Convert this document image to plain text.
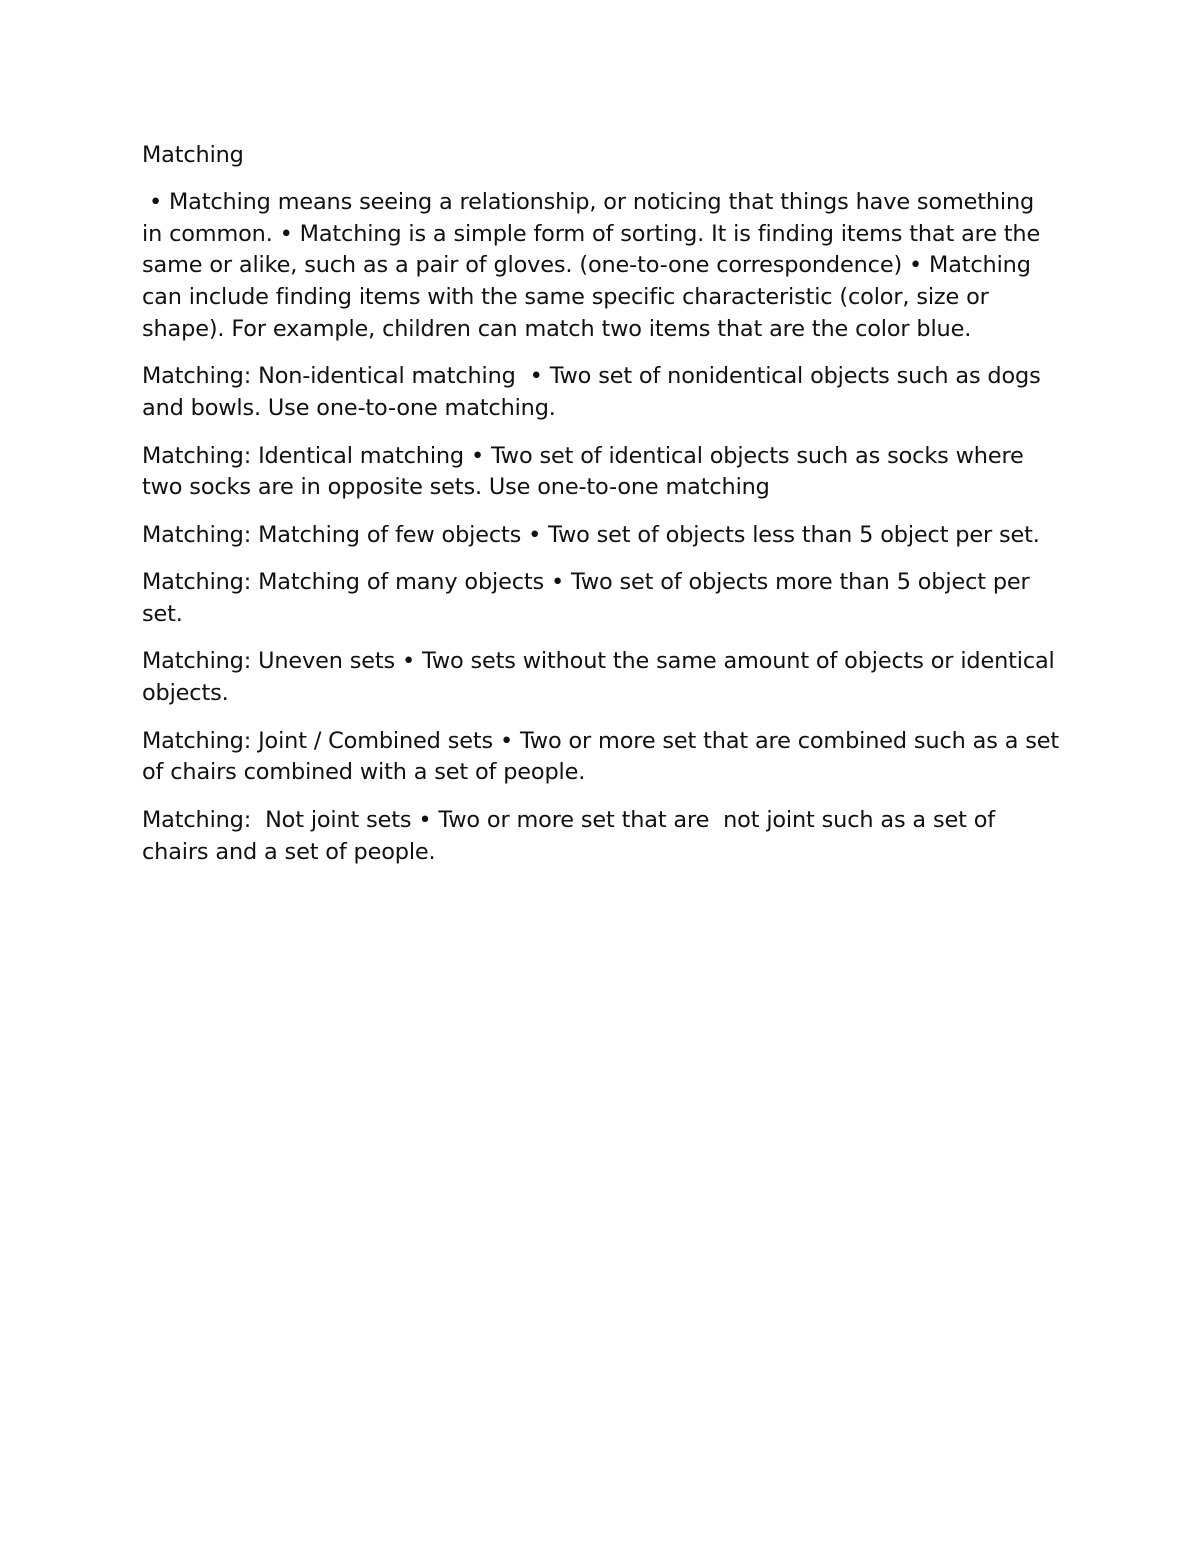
Matching

• Matching means seeing a relationship, or noticing that things have something in common. • Matching is a simple form of sorting. It is finding items that are the same or alike, such as a pair of gloves. (one-to-one correspondence) • Matching can include finding items with the same specific characteristic (color, size or shape). For example, children can match two items that are the color blue.

Matching: Non-identical matching  • Two set of nonidentical objects such as dogs and bowls. Use one-to-one matching.

Matching: Identical matching • Two set of identical objects such as socks where two socks are in opposite sets. Use one-to-one matching

Matching: Matching of few objects • Two set of objects less than 5 object per set.

Matching: Matching of many objects • Two set of objects more than 5 object per set.

Matching: Uneven sets • Two sets without the same amount of objects or identical objects.

Matching: Joint / Combined sets • Two or more set that are combined such as a set of chairs combined with a set of people.

Matching:  Not joint sets • Two or more set that are  not joint such as a set of chairs and a set of people.
